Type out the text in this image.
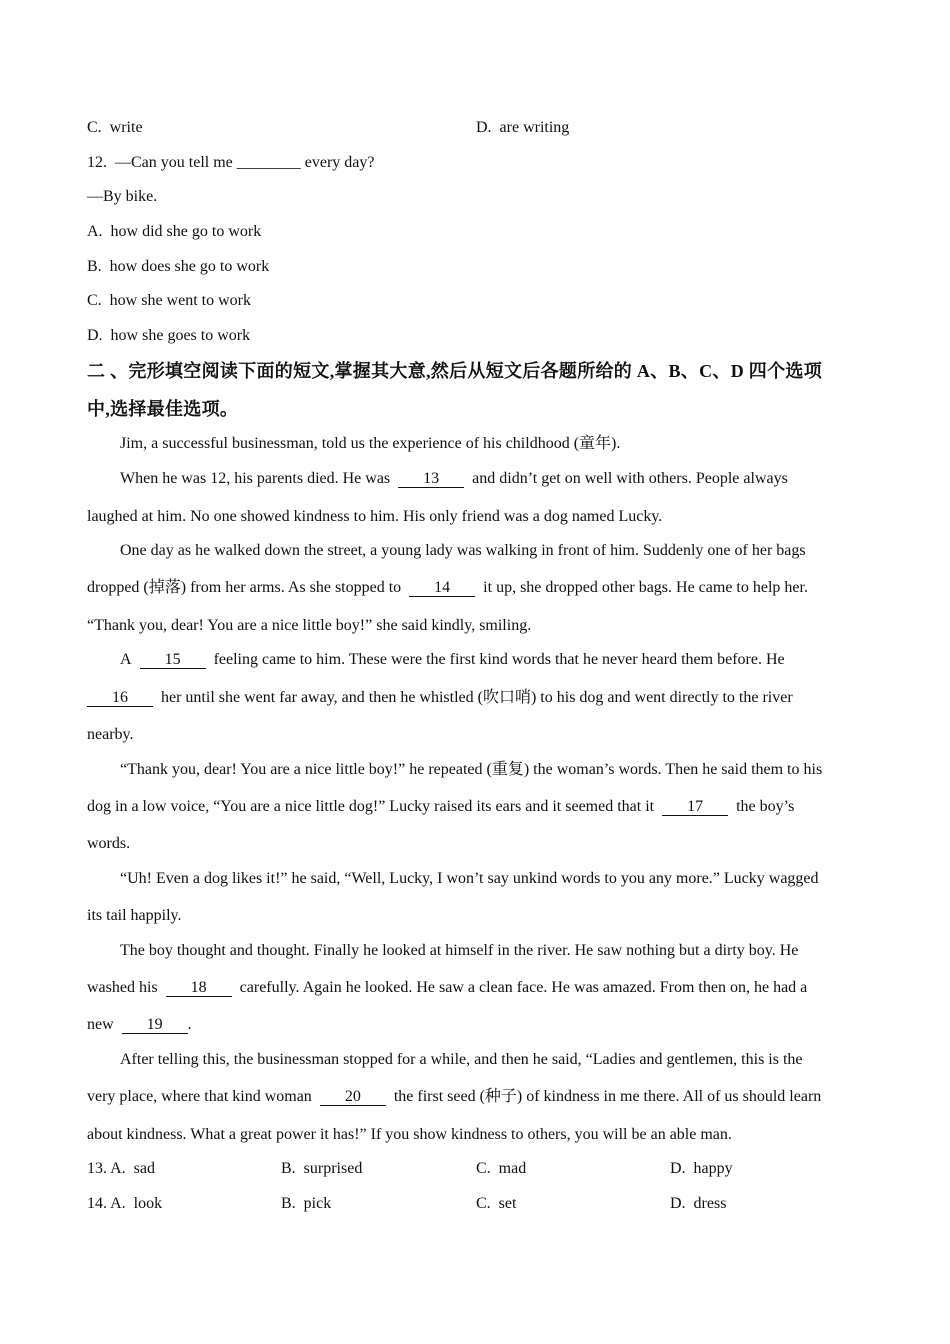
C.  write	D.  are writing
12.  —Can you tell me ________ every day?
—By bike.
A.  how did she go to work
B.  how does she go to work
C.  how she went to work
D.  how she goes to work
二 、完形填空阅读下面的短文,掌握其大意,然后从短文后各题所给的 A、B、C、D 四个选项
中,选择最佳选项。
Jim, a successful businessman, told us the experience of his childhood (童年).
When he was 12, his parents died. He was 13 and didn’t get on well with others. People always
laughed at him. No one showed kindness to him. His only friend was a dog named Lucky.
One day as he walked down the street, a young lady was walking in front of him. Suddenly one of her bags
dropped (掉落) from her arms. As she stopped to 14 it up, she dropped other bags. He came to help her.
“Thank you, dear! You are a nice little boy!” she said kindly, smiling.
A 15 feeling came to him. These were the first kind words that he never heard them before. He
16 her until she went far away, and then he whistled (吹口哨) to his dog and went directly to the river
nearby.
“Thank you, dear! You are a nice little boy!” he repeated (重复) the woman’s words. Then he said them to his
dog in a low voice, “You are a nice little dog!” Lucky raised its ears and it seemed that it 17 the boy’s
words.
“Uh! Even a dog likes it!” he said, “Well, Lucky, I won’t say unkind words to you any more.” Lucky wagged
its tail happily.
The boy thought and thought. Finally he looked at himself in the river. He saw nothing but a dirty boy. He
washed his 18 carefully. Again he looked. He saw a clean face. He was amazed. From then on, he had a
new 19 .
After telling this, the businessman stopped for a while, and then he said, “Ladies and gentlemen, this is the
very place, where that kind woman 20 the first seed (种子) of kindness in me there. All of us should learn
about kindness. What a great power it has!” If you show kindness to others, you will be an able man.
13. A.  sad	B.  surprised	C.  mad	D.  happy
14. A.  look	B.  pick	C.  set	D.  dress
